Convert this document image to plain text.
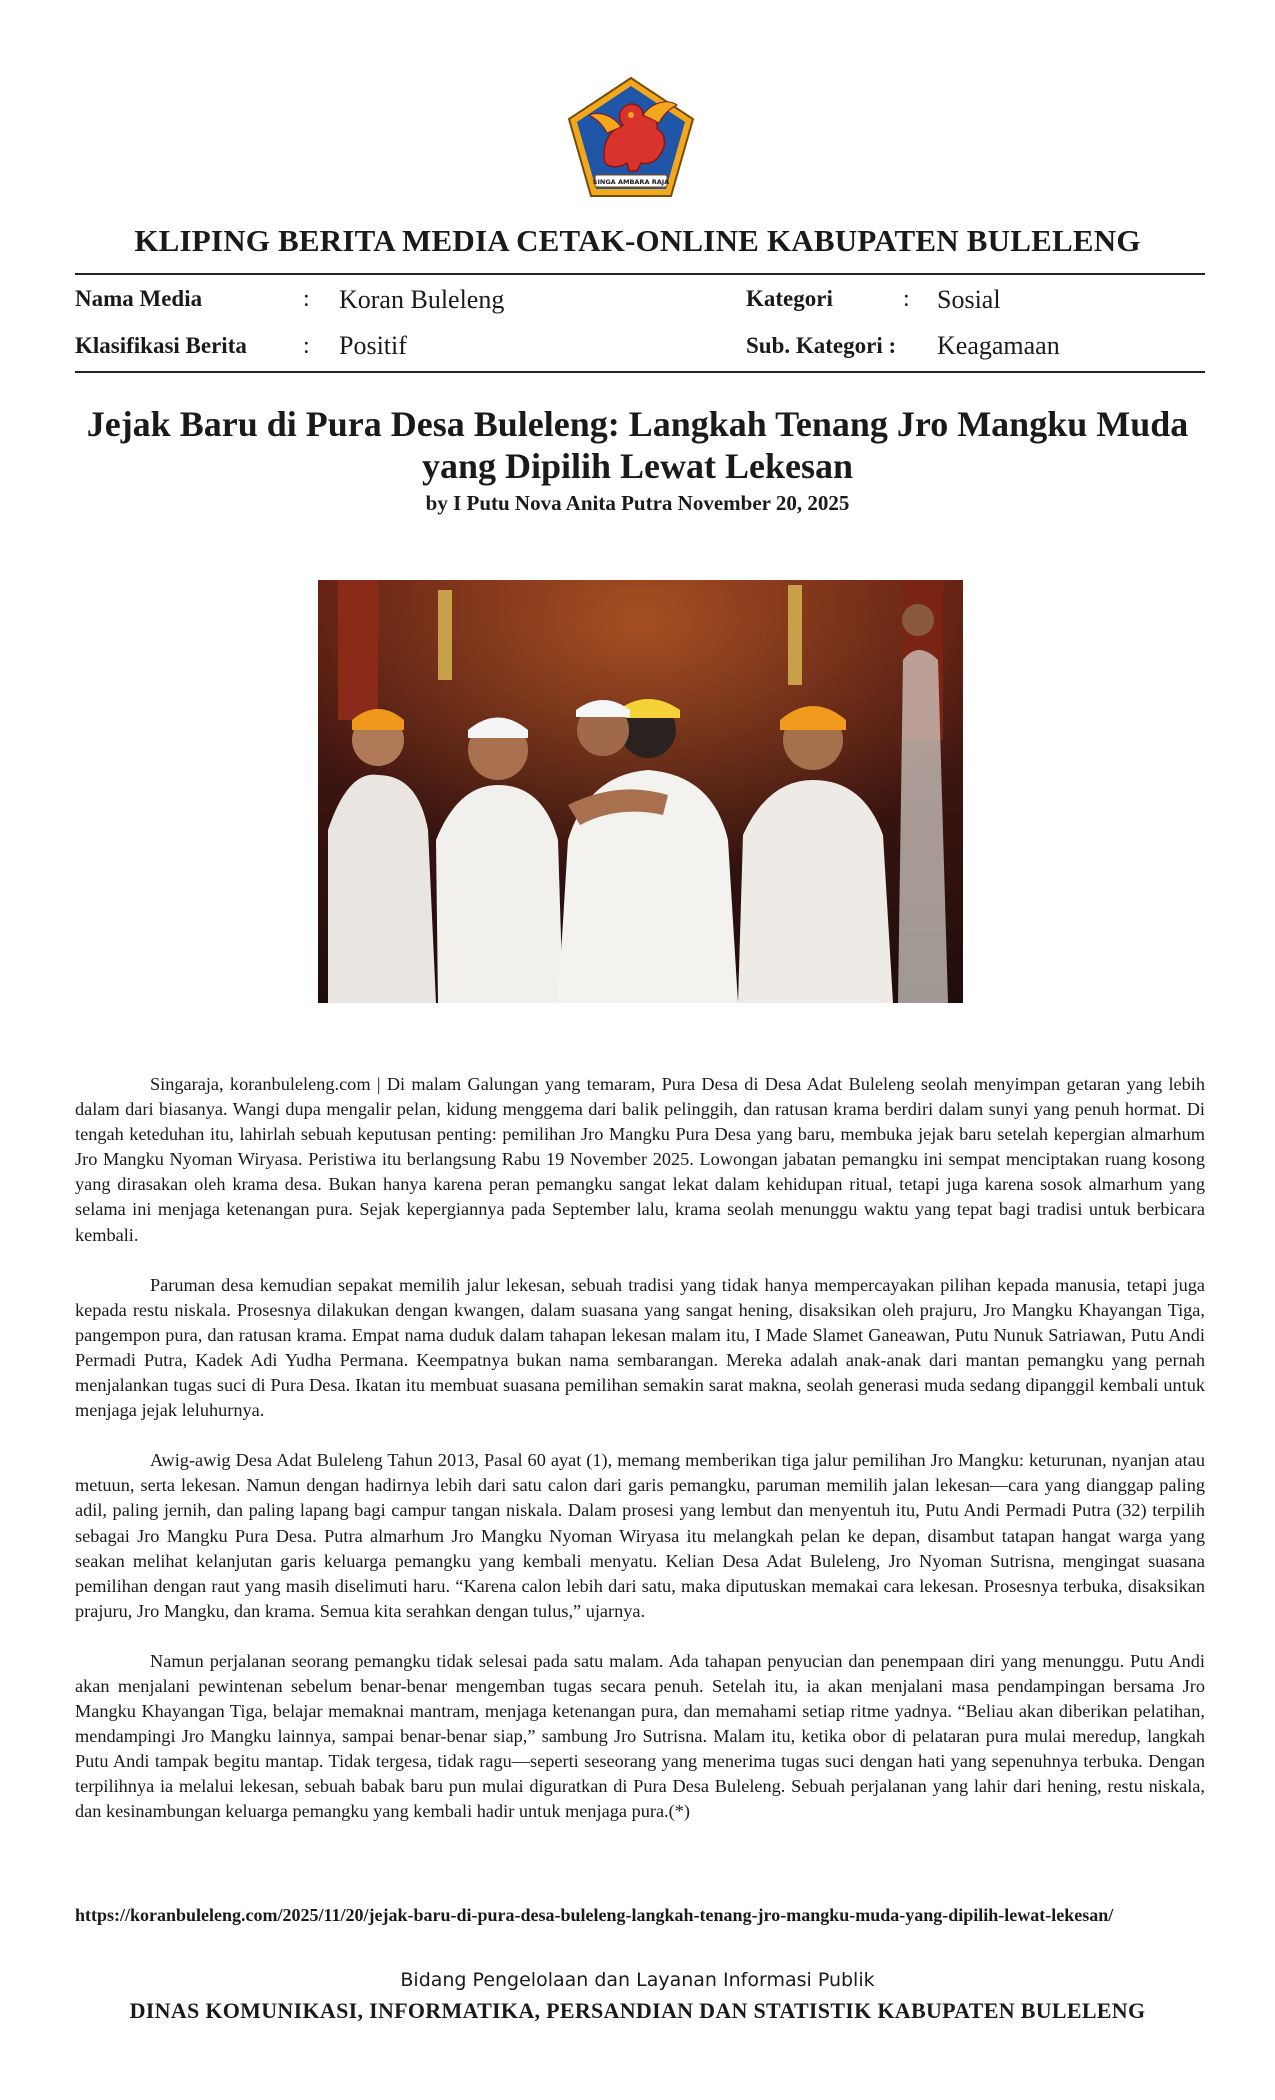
SINGA AMBARA RAJA
KLIPING BERITA MEDIA CETAK-ONLINE KABUPATEN BULELENG
Nama Media	: Koran Buleleng
Klasifikasi Berita : Positif
Kategori	: Sosial
Sub. Kategori : Keagamaan
Jejak Baru di Pura Desa Buleleng: Langkah Tenang Jro Mangku Muda yang Dipilih Lewat Lekesan
by I Putu Nova Anita Putra November 20, 2025

Singaraja, koranbuleleng.com | Di malam Galungan yang temaram, Pura Desa di Desa Adat Buleleng seolah menyimpan getaran yang lebih dalam dari biasanya. Wangi dupa mengalir pelan, kidung menggema dari balik pelinggih, dan ratusan krama berdiri dalam sunyi yang penuh hormat. Di tengah keteduhan itu, lahirlah sebuah keputusan penting: pemilihan Jro Mangku Pura Desa yang baru, membuka jejak baru setelah kepergian almarhum Jro Mangku Nyoman Wiryasa. Peristiwa itu berlangsung Rabu 19 November 2025. Lowongan jabatan pemangku ini sempat menciptakan ruang kosong yang dirasakan oleh krama desa. Bukan hanya karena peran pemangku sangat lekat dalam kehidupan ritual, tetapi juga karena sosok almarhum yang selama ini menjaga ketenangan pura. Sejak kepergiannya pada September lalu, krama seolah menunggu waktu yang tepat bagi tradisi untuk berbicara kembali.

Paruman desa kemudian sepakat memilih jalur lekesan, sebuah tradisi yang tidak hanya mempercayakan pilihan kepada manusia, tetapi juga kepada restu niskala. Prosesnya dilakukan dengan kwangen, dalam suasana yang sangat hening, disaksikan oleh prajuru, Jro Mangku Khayangan Tiga, pangempon pura, dan ratusan krama. Empat nama duduk dalam tahapan lekesan malam itu, I Made Slamet Ganeawan, Putu Nunuk Satriawan, Putu Andi Permadi Putra, Kadek Adi Yudha Permana. Keempatnya bukan nama sembarangan. Mereka adalah anak-anak dari mantan pemangku yang pernah menjalankan tugas suci di Pura Desa. Ikatan itu membuat suasana pemilihan semakin sarat makna, seolah generasi muda sedang dipanggil kembali untuk menjaga jejak leluhurnya.

Awig-awig Desa Adat Buleleng Tahun 2013, Pasal 60 ayat (1), memang memberikan tiga jalur pemilihan Jro Mangku: keturunan, nyanjan atau metuun, serta lekesan. Namun dengan hadirnya lebih dari satu calon dari garis pemangku, paruman memilih jalan lekesan—cara yang dianggap paling adil, paling jernih, dan paling lapang bagi campur tangan niskala. Dalam prosesi yang lembut dan menyentuh itu, Putu Andi Permadi Putra (32) terpilih sebagai Jro Mangku Pura Desa. Putra almarhum Jro Mangku Nyoman Wiryasa itu melangkah pelan ke depan, disambut tatapan hangat warga yang seakan melihat kelanjutan garis keluarga pemangku yang kembali menyatu. Kelian Desa Adat Buleleng, Jro Nyoman Sutrisna, mengingat suasana pemilihan dengan raut yang masih diselimuti haru. “Karena calon lebih dari satu, maka diputuskan memakai cara lekesan. Prosesnya terbuka, disaksikan prajuru, Jro Mangku, dan krama. Semua kita serahkan dengan tulus,” ujarnya.

Namun perjalanan seorang pemangku tidak selesai pada satu malam. Ada tahapan penyucian dan penempaan diri yang menunggu. Putu Andi akan menjalani pewintenan sebelum benar-benar mengemban tugas secara penuh. Setelah itu, ia akan menjalani masa pendampingan bersama Jro Mangku Khayangan Tiga, belajar memaknai mantram, menjaga ketenangan pura, dan memahami setiap ritme yadnya. “Beliau akan diberikan pelatihan, mendampingi Jro Mangku lainnya, sampai benar-benar siap,” sambung Jro Sutrisna. Malam itu, ketika obor di pelataran pura mulai meredup, langkah Putu Andi tampak begitu mantap. Tidak tergesa, tidak ragu—seperti seseorang yang menerima tugas suci dengan hati yang sepenuhnya terbuka. Dengan terpilihnya ia melalui lekesan, sebuah babak baru pun mulai diguratkan di Pura Desa Buleleng. Sebuah perjalanan yang lahir dari hening, restu niskala, dan kesinambungan keluarga pemangku yang kembali hadir untuk menjaga pura.(*)

https://koranbuleleng.com/2025/11/20/jejak-baru-di-pura-desa-buleleng-langkah-tenang-jro-mangku-muda-yang-dipilih-lewat-lekesan/
Bidang Pengelolaan dan Layanan Informasi Publik
DINAS KOMUNIKASI, INFORMATIKA, PERSANDIAN DAN STATISTIK KABUPATEN BULELENG
